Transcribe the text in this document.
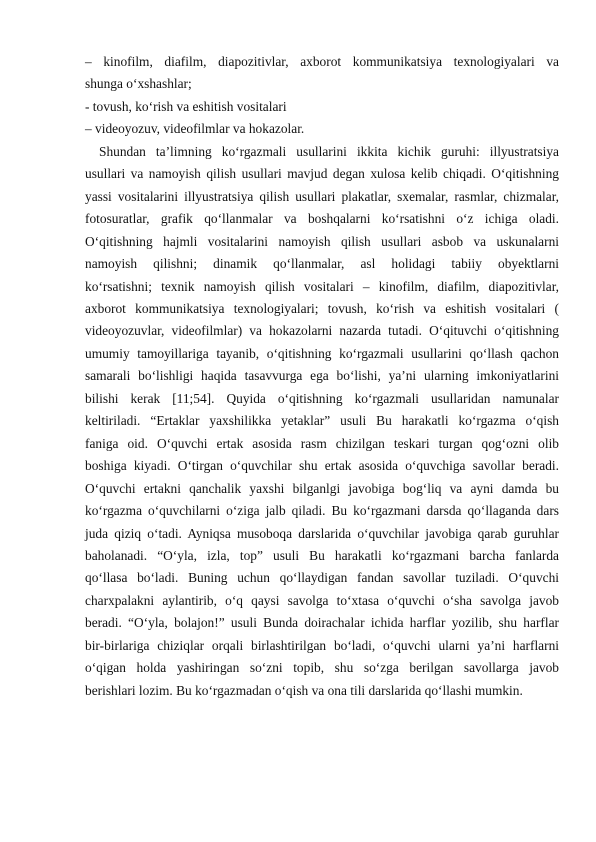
– kinofilm, diafilm, diapozitivlar, axborot kommunikatsiya texnologiyalari va

shunga o‘xshashlar;

- tovush, ko‘rish va eshitish vositalari

– videoyozuv, videofilmlar va hokazolar.

Shundan ta’limning ko‘rgazmali usullarini ikkita kichik guruhi: illyustratsiya

usullari va namoyish qilish usullari mavjud degan xulosa kelib chiqadi. O‘qitishning

yassi vositalarini illyustratsiya qilish usullari plakatlar, sxemalar, rasmlar, chizmalar,

fotosuratlar, grafik qo‘llanmalar va boshqalarni ko‘rsatishni o‘z ichiga oladi.

O‘qitishning hajmli vositalarini namoyish qilish usullari asbob va uskunalarni

namoyish qilishni; dinamik qo‘llanmalar, asl holidagi tabiiy obyektlarni

ko‘rsatishni; texnik namoyish qilish vositalari – kinofilm, diafilm, diapozitivlar,

axborot kommunikatsiya texnologiyalari; tovush, ko‘rish va eshitish vositalari (

videoyozuvlar, videofilmlar) va hokazolarni nazarda tutadi. O‘qituvchi o‘qitishning

umumiy tamoyillariga tayanib, o‘qitishning ko‘rgazmali usullarini qo‘llash qachon

samarali bo‘lishligi haqida tasavvurga ega bo‘lishi, ya’ni ularning imkoniyatlarini

bilishi kerak [11;54]. Quyida o‘qitishning ko‘rgazmali usullaridan namunalar

keltiriladi. “Ertaklar yaxshilikka yetaklar” usuli Bu harakatli ko‘rgazma o‘qish

faniga oid. O‘quvchi ertak asosida rasm chizilgan teskari turgan qog‘ozni olib

boshiga kiyadi. O‘tirgan o‘quvchilar shu ertak asosida o‘quvchiga savollar beradi.

O‘quvchi ertakni qanchalik yaxshi bilganlgi javobiga bog‘liq va ayni damda bu

ko‘rgazma o‘quvchilarni o‘ziga jalb qiladi. Bu ko‘rgazmani darsda qo‘llaganda dars

juda qiziq o‘tadi. Ayniqsa musoboqa darslarida o‘quvchilar javobiga qarab guruhlar

baholanadi. “O‘yla, izla, top” usuli Bu harakatli ko‘rgazmani barcha fanlarda

qo‘llasa bo‘ladi. Buning uchun qo‘llaydigan fandan savollar tuziladi. O‘quvchi

charxpalakni aylantirib, o‘q qaysi savolga to‘xtasa o‘quvchi o‘sha savolga javob

beradi. “O‘yla, bolajon!” usuli Bunda doirachalar ichida harflar yozilib, shu harflar

bir-birlariga chiziqlar orqali birlashtirilgan bo‘ladi, o‘quvchi ularni ya’ni harflarni

o‘qigan holda yashiringan so‘zni topib, shu so‘zga berilgan savollarga javob

berishlari lozim. Bu ko‘rgazmadan o‘qish va ona tili darslarida qo‘llashi mumkin.
